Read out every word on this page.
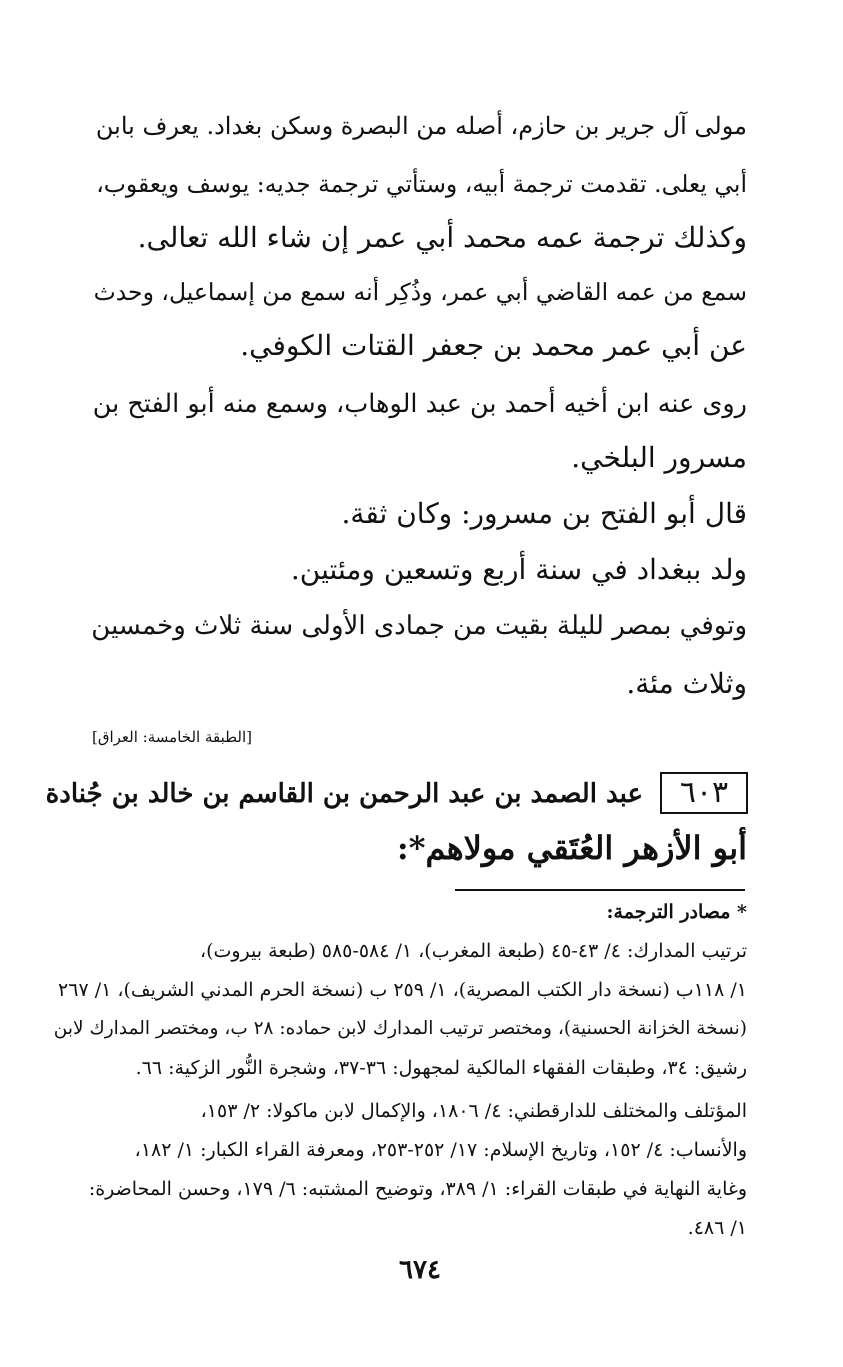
مولى آل جرير بن حازم، أصله من البصرة وسكن بغداد. يعرف بابن
أبي يعلى. تقدمت ترجمة أبيه، وستأتي ترجمة جديه: يوسف ويعقوب،
وكذلك ترجمة عمه محمد أبي عمر إن شاء الله تعالى.
سمع من عمه القاضي أبي عمر، وذُكِر أنه سمع من إسماعيل، وحدث
عن أبي عمر محمد بن جعفر القتات الكوفي.
روى عنه ابن أخيه أحمد بن عبد الوهاب، وسمع منه أبو الفتح بن
مسرور البلخي.
قال أبو الفتح بن مسرور: وكان ثقة.
ولد ببغداد في سنة أربع وتسعين ومئتين.
وتوفي بمصر لليلة بقيت من جمادى الأولى سنة ثلاث وخمسين
وثلاث مئة.
[الطبقة الخامسة: العراق]
٦٠٣
عبد الصمد بن عبد الرحمن بن القاسم بن خالد بن جُنادة
أبو الأزهر العُتَقي مولاهم*:
* مصادر الترجمة:
ترتيب المدارك: ٤/ ٤٣-٤٥ (طبعة المغرب)، ١/ ٥٨٤-٥٨٥ (طبعة بيروت)،
١/ ١١٨ب (نسخة دار الكتب المصرية)، ١/ ٢٥٩ ب (نسخة الحرم المدني الشريف)، ١/ ٢٦٧
(نسخة الخزانة الحسنية)، ومختصر ترتيب المدارك لابن حماده: ٢٨ ب، ومختصر المدارك لابن
رشيق: ٣٤، وطبقات الفقهاء المالكية لمجهول: ٣٦-٣٧، وشجرة النُّور الزكية: ٦٦.
المؤتلف والمختلف للدارقطني: ٤/ ١٨٠٦، والإكمال لابن ماكولا: ٢/ ١٥٣،
والأنساب: ٤/ ١٥٢، وتاريخ الإسلام: ١٧/ ٢٥٢-٢٥٣، ومعرفة القراء الكبار: ١/ ١٨٢،
وغاية النهاية في طبقات القراء: ١/ ٣٨٩، وتوضيح المشتبه: ٦/ ١٧٩، وحسن المحاضرة:
١/ ٤٨٦.
٦٧٤
